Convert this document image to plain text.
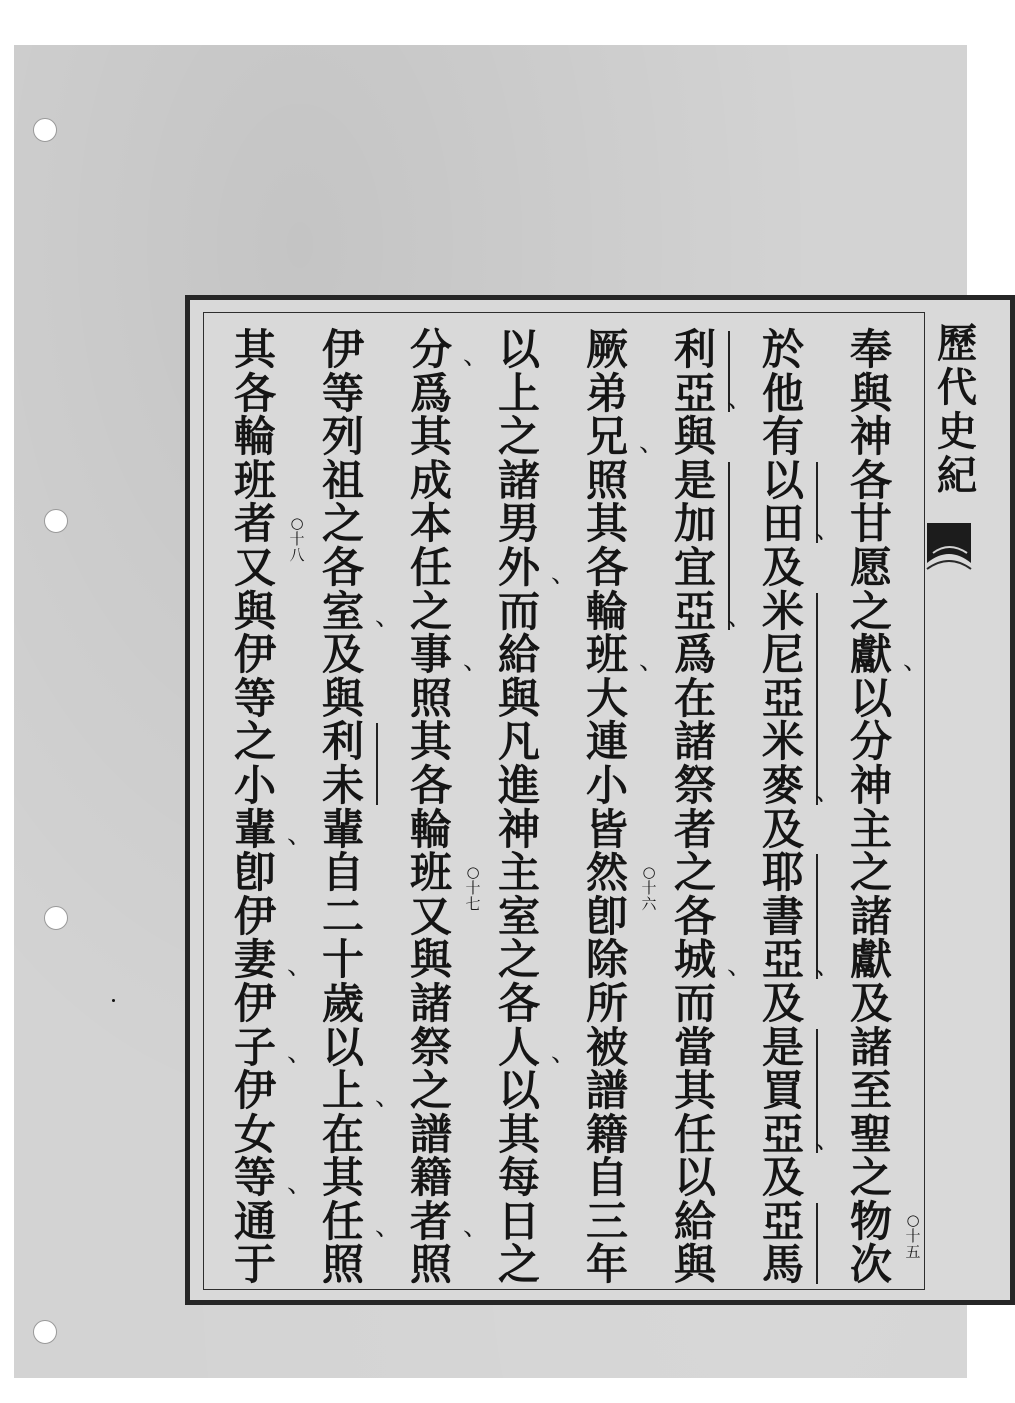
歷
代
史
紀
奉
與
神
各
甘
愿
之
獻
以
分
神
主
之
諸
獻
及
諸
至
聖
之
物 ○
十
五
次
於
他
有
以
田
及
米
尼
亞
米
麥
及
耶
書
亞
及
是
買
亞
及
亞
馬
利
亞
與
是
加
宜
亞
爲
在
諸
祭
者
之
各
城
而
當
其
任
以
給
與
厥
弟
兄
照
其
各
輪
班
大
連
小
皆
然 ○
十
六
卽
除
所
被
譜
籍
自
三
年
以
上
之
諸
男
外
而
給
與
凡
進
神
主
室
之
各
人
以
其
每
日
之
分
爲
其
成
本
任
之
事
照
其
各
輪
班 ○
十
七
又
與
諸
祭
之
譜
籍
者
照
伊
等
列
祖
之
各
室
及
與
利
未
輩
自
二
十
歲
以
上
在
其
任
照
其
各
輪
班
者 ○
十
八
又
與
伊
等
之
小
輩
卽
伊
妻
伊
子
伊
女
等
通
于
